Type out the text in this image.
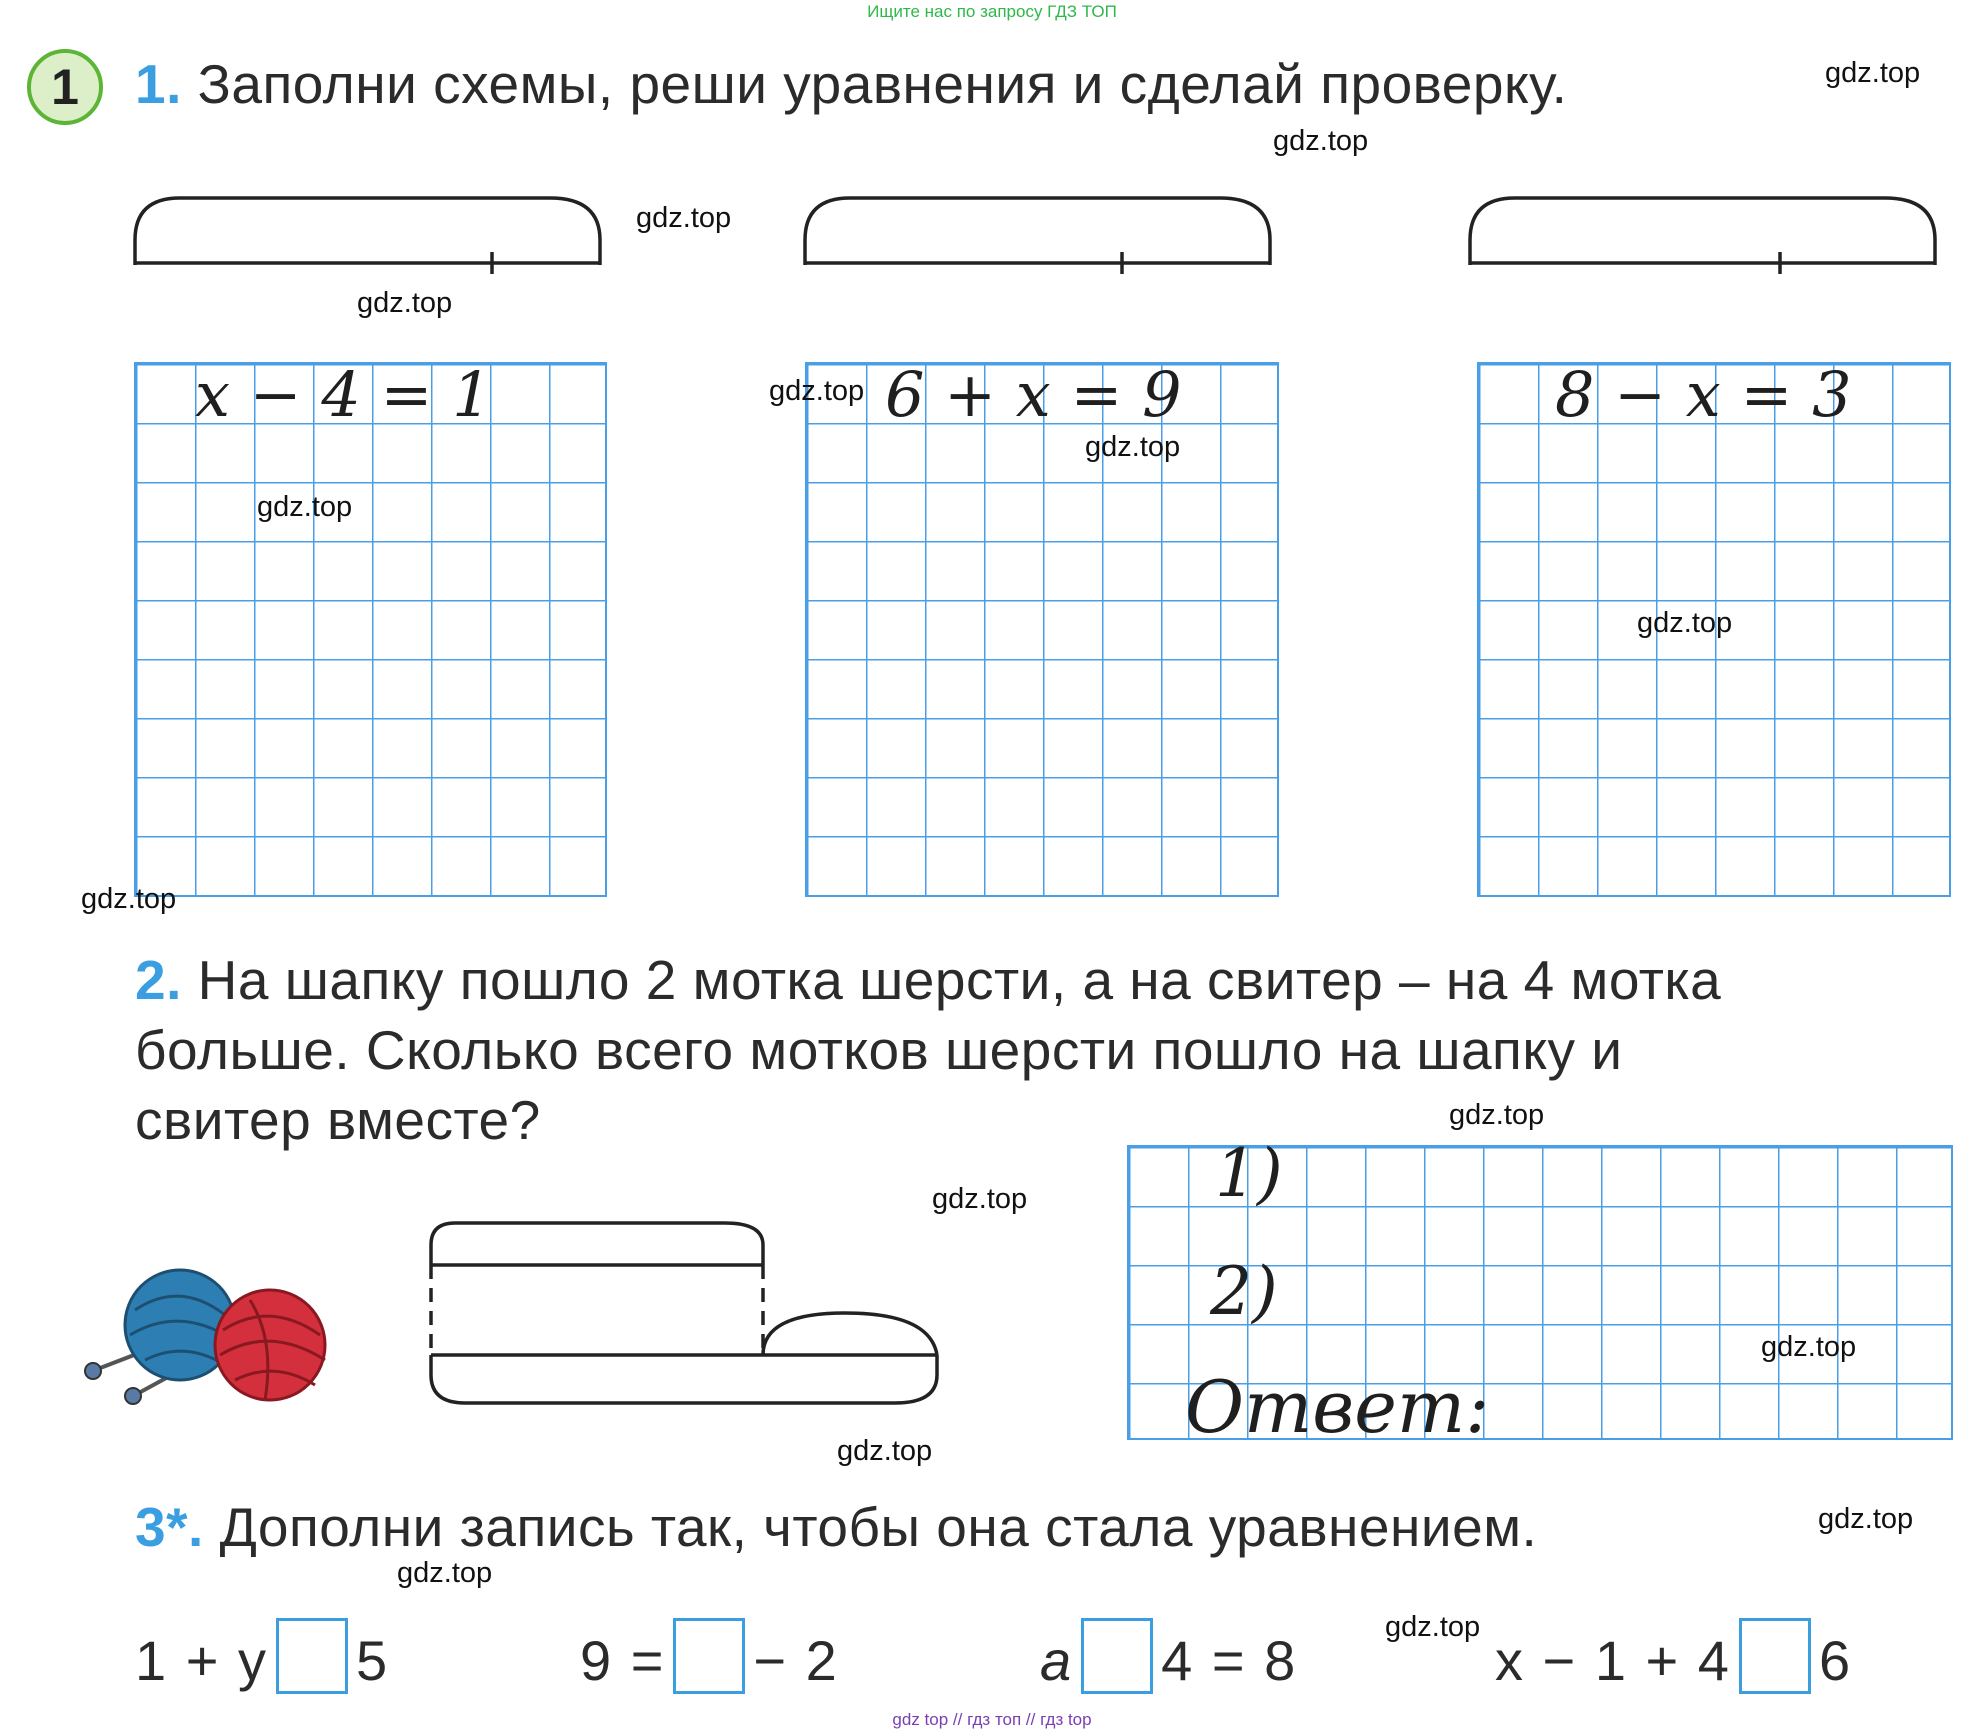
Ищите нас по запросу ГДЗ ТОП
1	1. Заполни схемы, реши уравнения и сделай проверку.
x − 4 = 1	6 + x = 9	8 − x = 3
2. На шапку пошло 2 мотка шерсти, а на свитер – на 4 мотка
больше. Сколько всего мотков шерсти пошло на шапку и
свитер вместе?
1)
2)
Ответ:
3*. Дополни запись так, чтобы она стала уравнением.
1 + y 5	9 = − 2	a 4 = 8	x − 1 + 4 6
gdz.top
gdz.top
gdz.top
gdz.top
gdz.top
gdz.top
gdz.top
gdz.top
gdz.top
gdz.top
gdz.top
gdz.top
gdz.top
gdz.top
gdz.top
gdz.top
gdz top // гдз топ // гдз top
